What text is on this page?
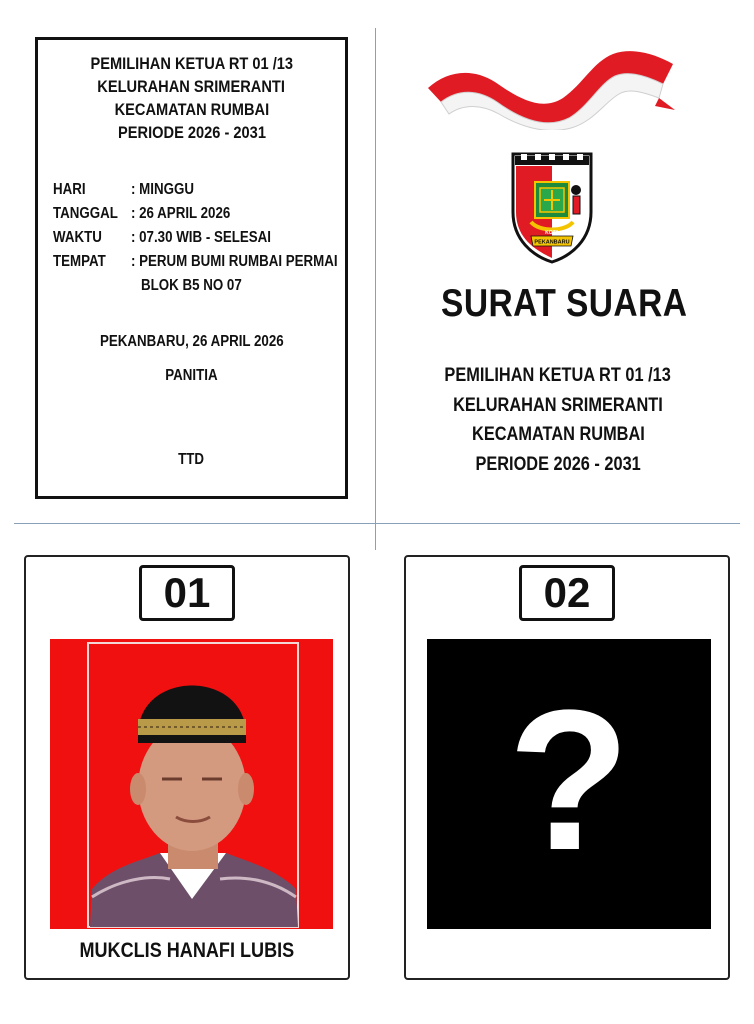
PEMILIHAN KETUA RT 01 /13
KELURAHAN SRIMERANTI
KECAMATAN RUMBAI
PERIODE 2026 - 2031
HARI	: MINGGU
TANGGAL : 26 APRIL 2026
WAKTU : 07.30 WIB - SELESAI
TEMPAT : PERUM BUMI RUMBAI PERMAI
BLOK B5 NO 07
PEKANBARU, 26 APRIL 2026
PANITIA
TTD
KOTA
PEKANBARU
SURAT SUARA
PEMILIHAN KETUA RT 01 /13
KELURAHAN SRIMERANTI
KECAMATAN RUMBAI
PERIODE 2026 - 2031
01
MUKCLIS HANAFI LUBIS
02
?
